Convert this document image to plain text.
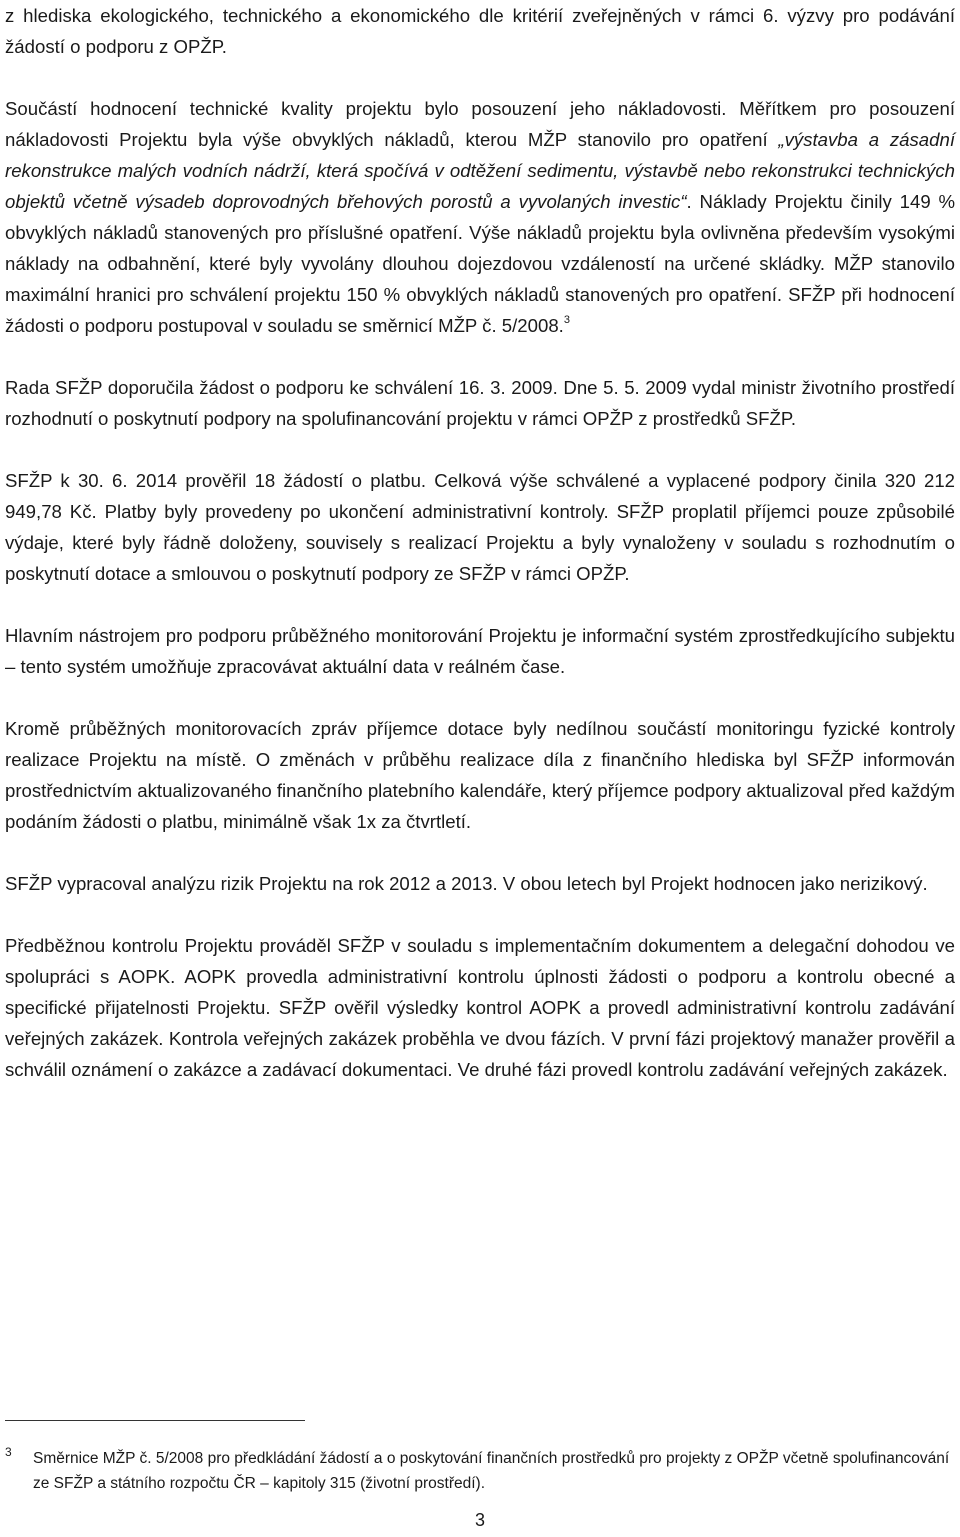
z hlediska ekologického, technického a ekonomického dle kritérií zveřejněných v rámci 6. výzvy pro podávání žádostí o podporu z OPŽP.

Součástí hodnocení technické kvality projektu bylo posouzení jeho nákladovosti. Měřítkem pro posouzení nákladovosti Projektu byla výše obvyklých nákladů, kterou MŽP stanovilo pro opatření „výstavba a zásadní rekonstrukce malých vodních nádrží, která spočívá v odtěžení sedimentu, výstavbě nebo rekonstrukci technických objektů včetně výsadeb doprovodných břehových porostů a vyvolaných investic“. Náklady Projektu činily 149 % obvyklých nákladů stanovených pro příslušné opatření. Výše nákladů projektu byla ovlivněna především vysokými náklady na odbahnění, které byly vyvolány dlouhou dojezdovou vzdáleností na určené skládky. MŽP stanovilo maximální hranici pro schválení projektu 150 % obvyklých nákladů stanovených pro opatření. SFŽP při hodnocení žádosti o podporu postupoval v souladu se směrnicí MŽP č. 5/2008.$^3$

Rada SFŽP doporučila žádost o podporu ke schválení 16. 3. 2009. Dne 5. 5. 2009 vydal ministr životního prostředí rozhodnutí o poskytnutí podpory na spolufinancování projektu v rámci OPŽP z prostředků SFŽP.

SFŽP k 30. 6. 2014 prověřil 18 žádostí o platbu. Celková výše schválené a vyplacené podpory činila 320 212 949,78 Kč. Platby byly provedeny po ukončení administrativní kontroly. SFŽP proplatil příjemci pouze způsobilé výdaje, které byly řádně doloženy, souvisely s realizací Projektu a byly vynaloženy v souladu s rozhodnutím o poskytnutí dotace a smlouvou o poskytnutí podpory ze SFŽP v rámci OPŽP.

Hlavním nástrojem pro podporu průběžného monitorování Projektu je informační systém zprostředkujícího subjektu – tento systém umožňuje zpracovávat aktuální data v reálném čase.

Kromě průběžných monitorovacích zpráv příjemce dotace byly nedílnou součástí monitoringu fyzické kontroly realizace Projektu na místě. O změnách v průběhu realizace díla z finančního hlediska byl SFŽP informován prostřednictvím aktualizovaného finančního platebního kalendáře, který příjemce podpory aktualizoval před každým podáním žádosti o platbu, minimálně však 1x za čtvrtletí.

SFŽP vypracoval analýzu rizik Projektu na rok 2012 a 2013. V obou letech byl Projekt hodnocen jako nerizikový.

Předběžnou kontrolu Projektu prováděl SFŽP v souladu s implementačním dokumentem a delegační dohodou ve spolupráci s AOPK. AOPK provedla administrativní kontrolu úplnosti žádosti o podporu a kontrolu obecné a specifické přijatelnosti Projektu. SFŽP ověřil výsledky kontrol AOPK a provedl administrativní kontrolu zadávání veřejných zakázek. Kontrola veřejných zakázek proběhla ve dvou fázích. V první fázi projektový manažer prověřil a schválil oznámení o zakázce a zadávací dokumentaci. Ve druhé fázi provedl kontrolu zadávání veřejných zakázek.

3 Směrnice MŽP č. 5/2008 pro předkládání žádostí a o poskytování finančních prostředků pro projekty z OPŽP včetně spolufinancování ze SFŽP a státního rozpočtu ČR – kapitoly 315 (životní prostředí).
3
